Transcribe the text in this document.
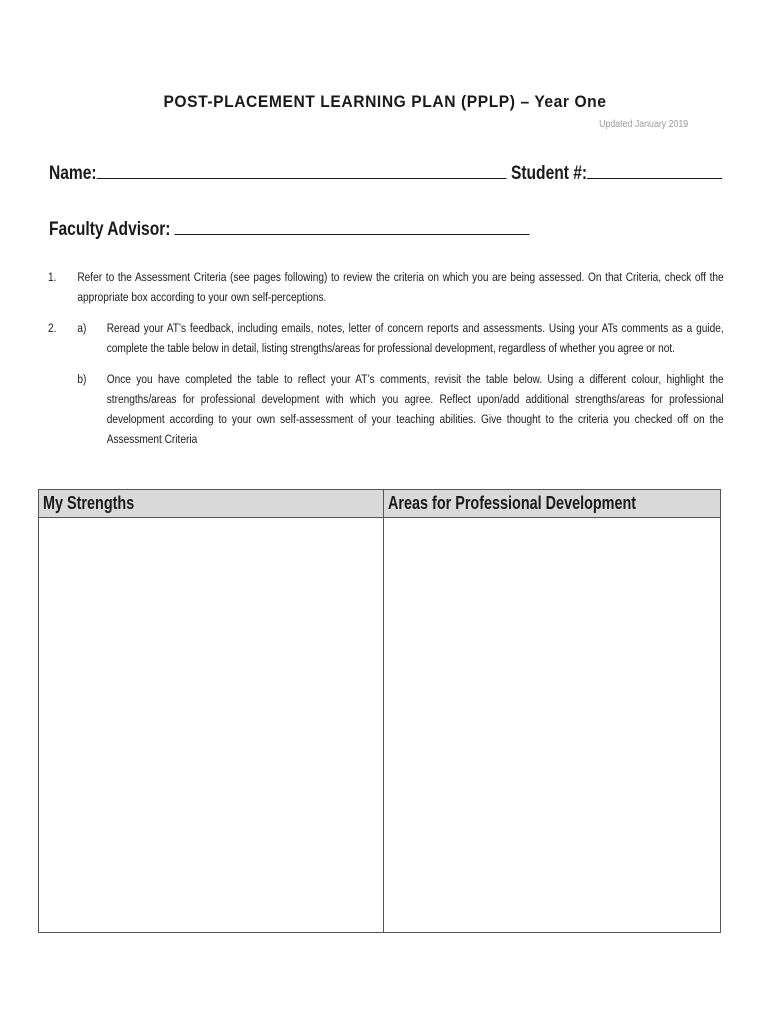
POST-PLACEMENT LEARNING PLAN (PPLP) – Year One
Updated January 2019
Name:	Student #:
Faculty Advisor:
1.	Refer to the Assessment Criteria (see pages following) to review the criteria on which you are being assessed. On that Criteria, check off the appropriate box according to your own self-perceptions.
2.	a)	Reread your AT’s feedback, including emails, notes, letter of concern reports and assessments. Using your ATs comments as a guide, complete the table below in detail, listing strengths/areas for professional development, regardless of whether you agree or not.
b)	Once you have completed the table to reflect your AT’s comments, revisit the table below. Using a different colour, highlight the strengths/areas for professional development with which you agree. Reflect upon/add additional strengths/areas for professional development according to your own self-assessment of your teaching abilities. Give thought to the criteria you checked off on the Assessment Criteria
My Strengths	Areas for Professional Development
